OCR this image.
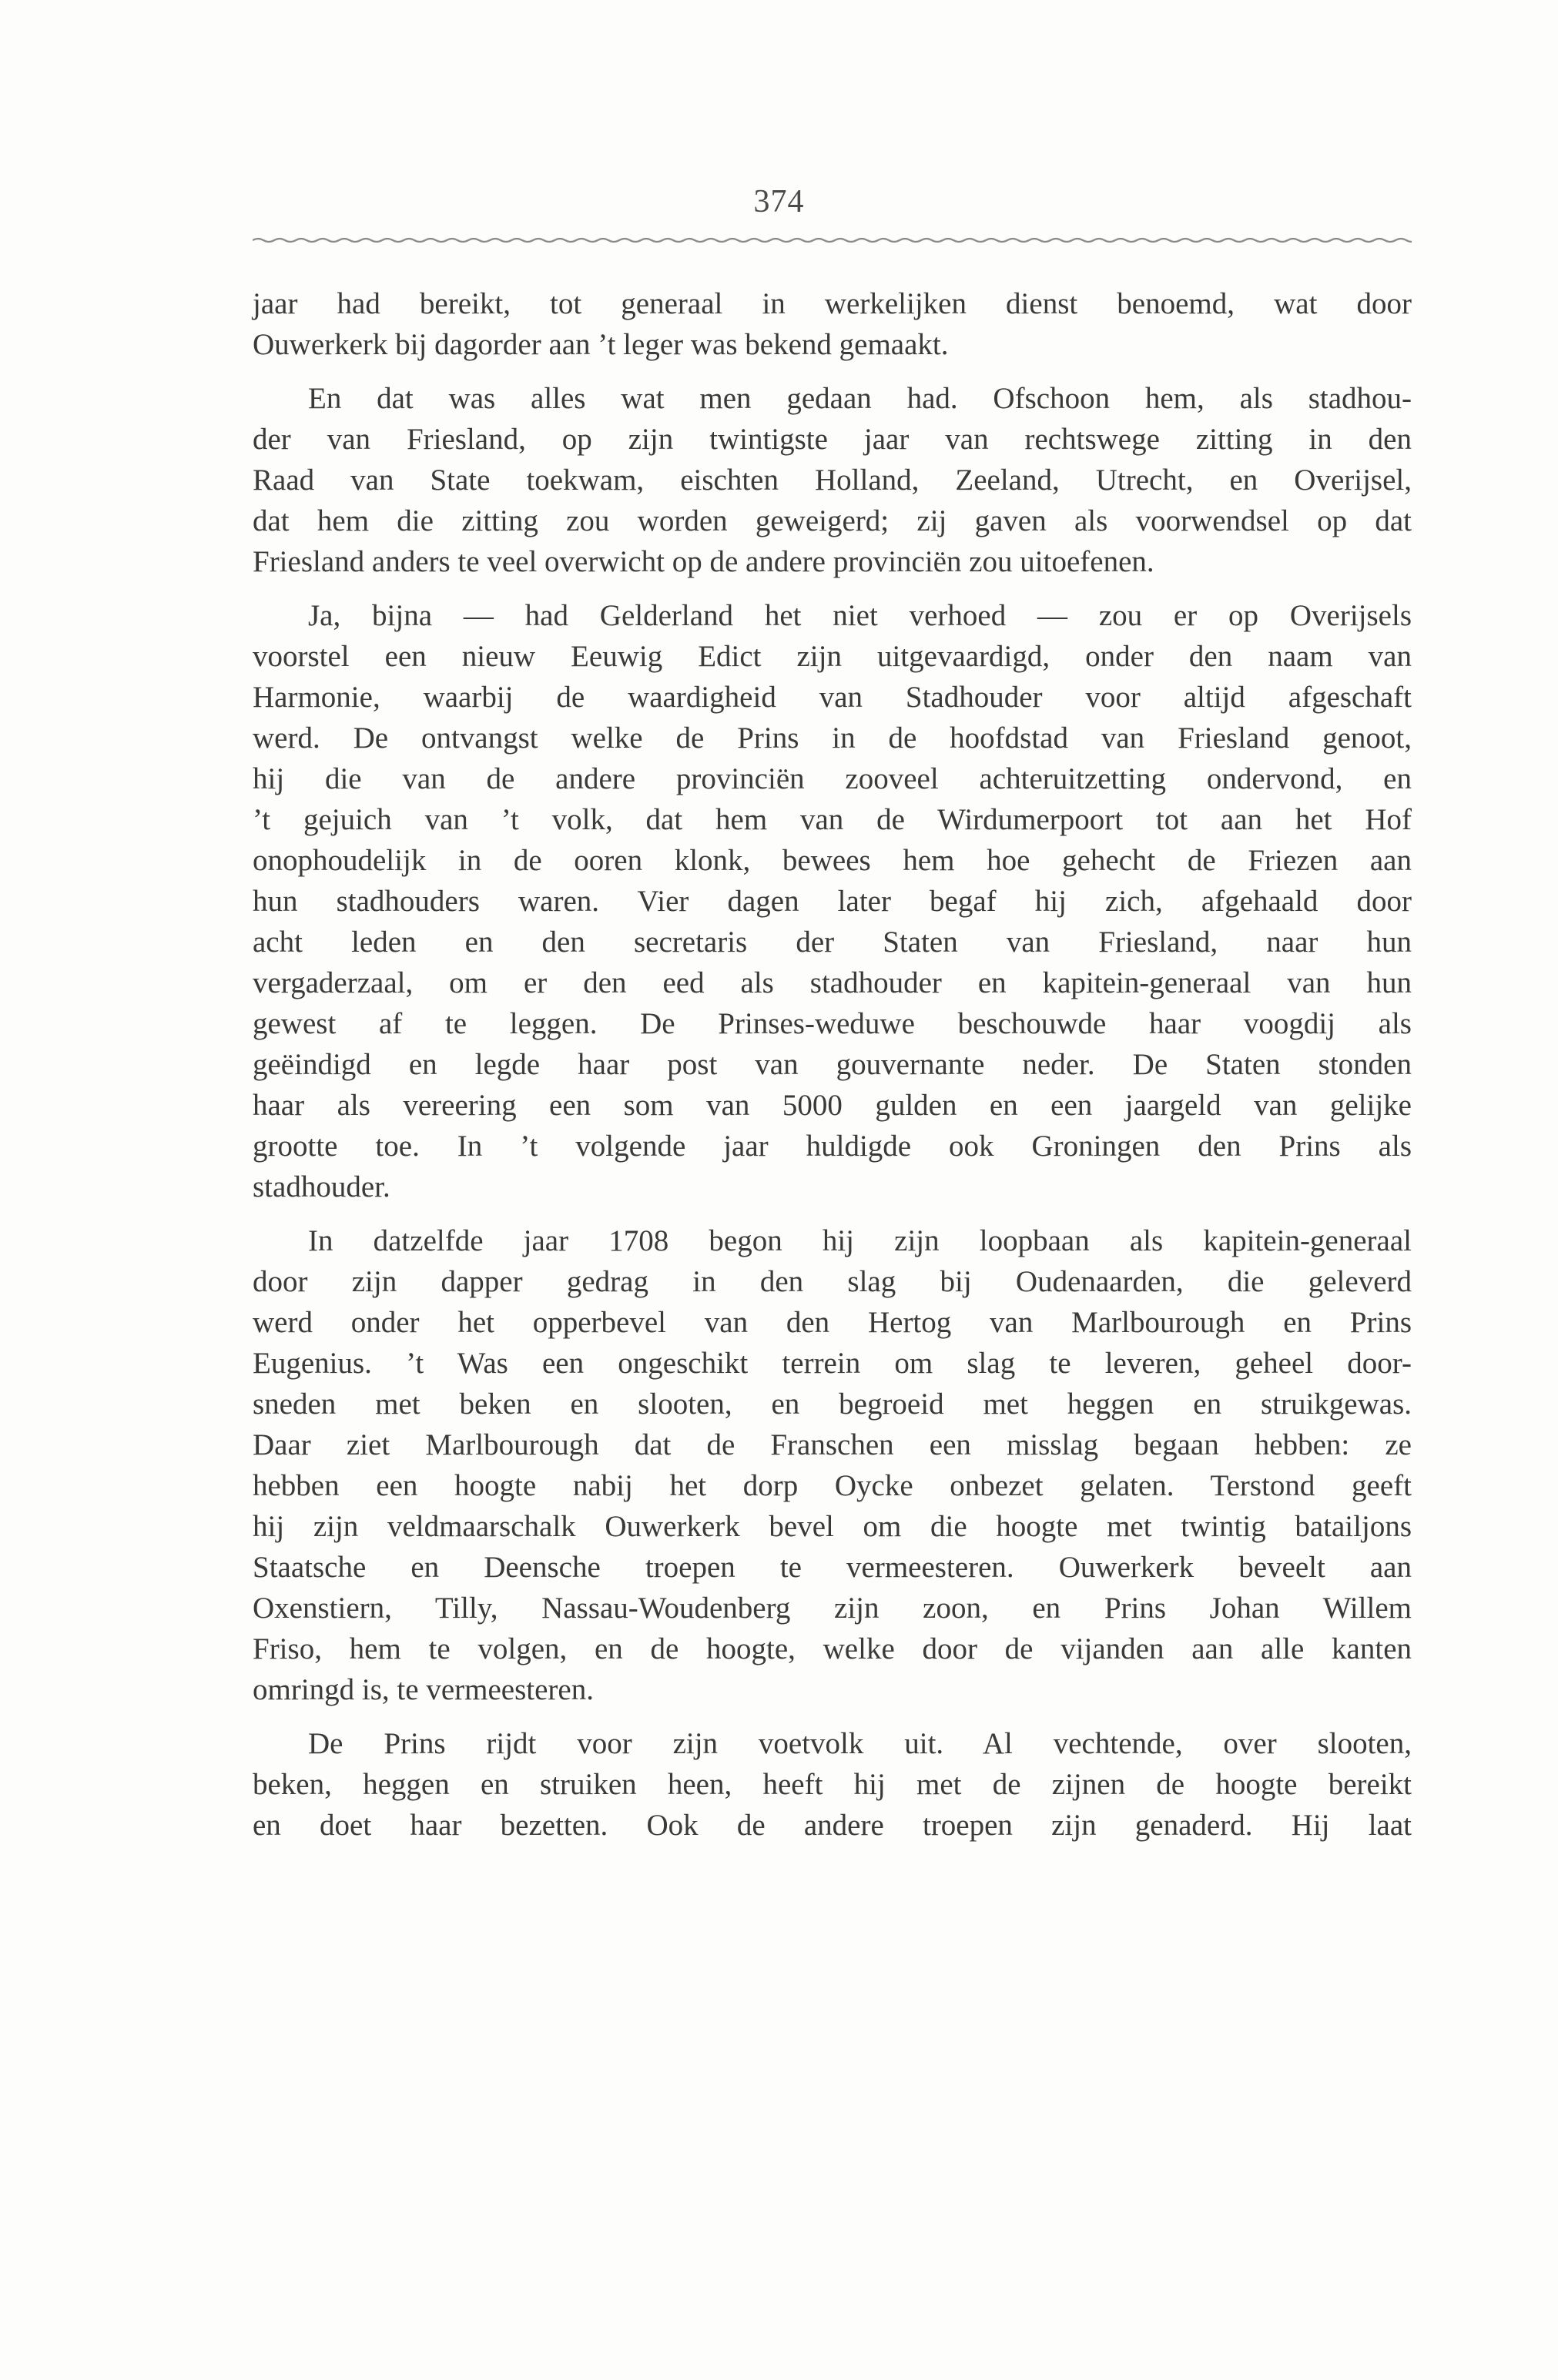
374
jaar had bereikt, tot generaal in werkelijken dienst benoemd, wat door
Ouwerkerk bij dagorder aan ’t leger was bekend gemaakt.
En dat was alles wat men gedaan had. Ofschoon hem, als stadhou-
der van Friesland, op zijn twintigste jaar van rechtswege zitting in den
Raad van State toekwam, eischten Holland, Zeeland, Utrecht, en Overijsel,
dat hem die zitting zou worden geweigerd; zij gaven als voorwendsel op dat
Friesland anders te veel overwicht op de andere provinciën zou uitoefenen.
Ja, bijna — had Gelderland het niet verhoed — zou er op Overijsels
voorstel een nieuw Eeuwig Edict zijn uitgevaardigd, onder den naam van
Harmonie, waarbij de waardigheid van Stadhouder voor altijd afgeschaft
werd. De ontvangst welke de Prins in de hoofdstad van Friesland genoot,
hij die van de andere provinciën zooveel achteruitzetting ondervond, en
’t gejuich van ’t volk, dat hem van de Wirdumerpoort tot aan het Hof
onophoudelijk in de ooren klonk, bewees hem hoe gehecht de Friezen aan
hun stadhouders waren. Vier dagen later begaf hij zich, afgehaald door
acht leden en den secretaris der Staten van Friesland, naar hun
vergaderzaal, om er den eed als stadhouder en kapitein-generaal van hun
gewest af te leggen. De Prinses-weduwe beschouwde haar voogdij als
geëindigd en legde haar post van gouvernante neder. De Staten stonden
haar als vereering een som van 5000 gulden en een jaargeld van gelijke
grootte toe. In ’t volgende jaar huldigde ook Groningen den Prins als
stadhouder.
In datzelfde jaar 1708 begon hij zijn loopbaan als kapitein-generaal
door zijn dapper gedrag in den slag bij Oudenaarden, die geleverd
werd onder het opperbevel van den Hertog van Marlbourough en Prins
Eugenius. ’t Was een ongeschikt terrein om slag te leveren, geheel door-
sneden met beken en slooten, en begroeid met heggen en struikgewas.
Daar ziet Marlbourough dat de Franschen een misslag begaan hebben: ze
hebben een hoogte nabij het dorp Oycke onbezet gelaten. Terstond geeft
hij zijn veldmaarschalk Ouwerkerk bevel om die hoogte met twintig batailjons
Staatsche en Deensche troepen te vermeesteren. Ouwerkerk beveelt aan
Oxenstiern, Tilly, Nassau-Woudenberg zijn zoon, en Prins Johan Willem
Friso, hem te volgen, en de hoogte, welke door de vijanden aan alle kanten
omringd is, te vermeesteren.
De Prins rijdt voor zijn voetvolk uit. Al vechtende, over slooten,
beken, heggen en struiken heen, heeft hij met de zijnen de hoogte bereikt
en doet haar bezetten. Ook de andere troepen zijn genaderd. Hij laat
